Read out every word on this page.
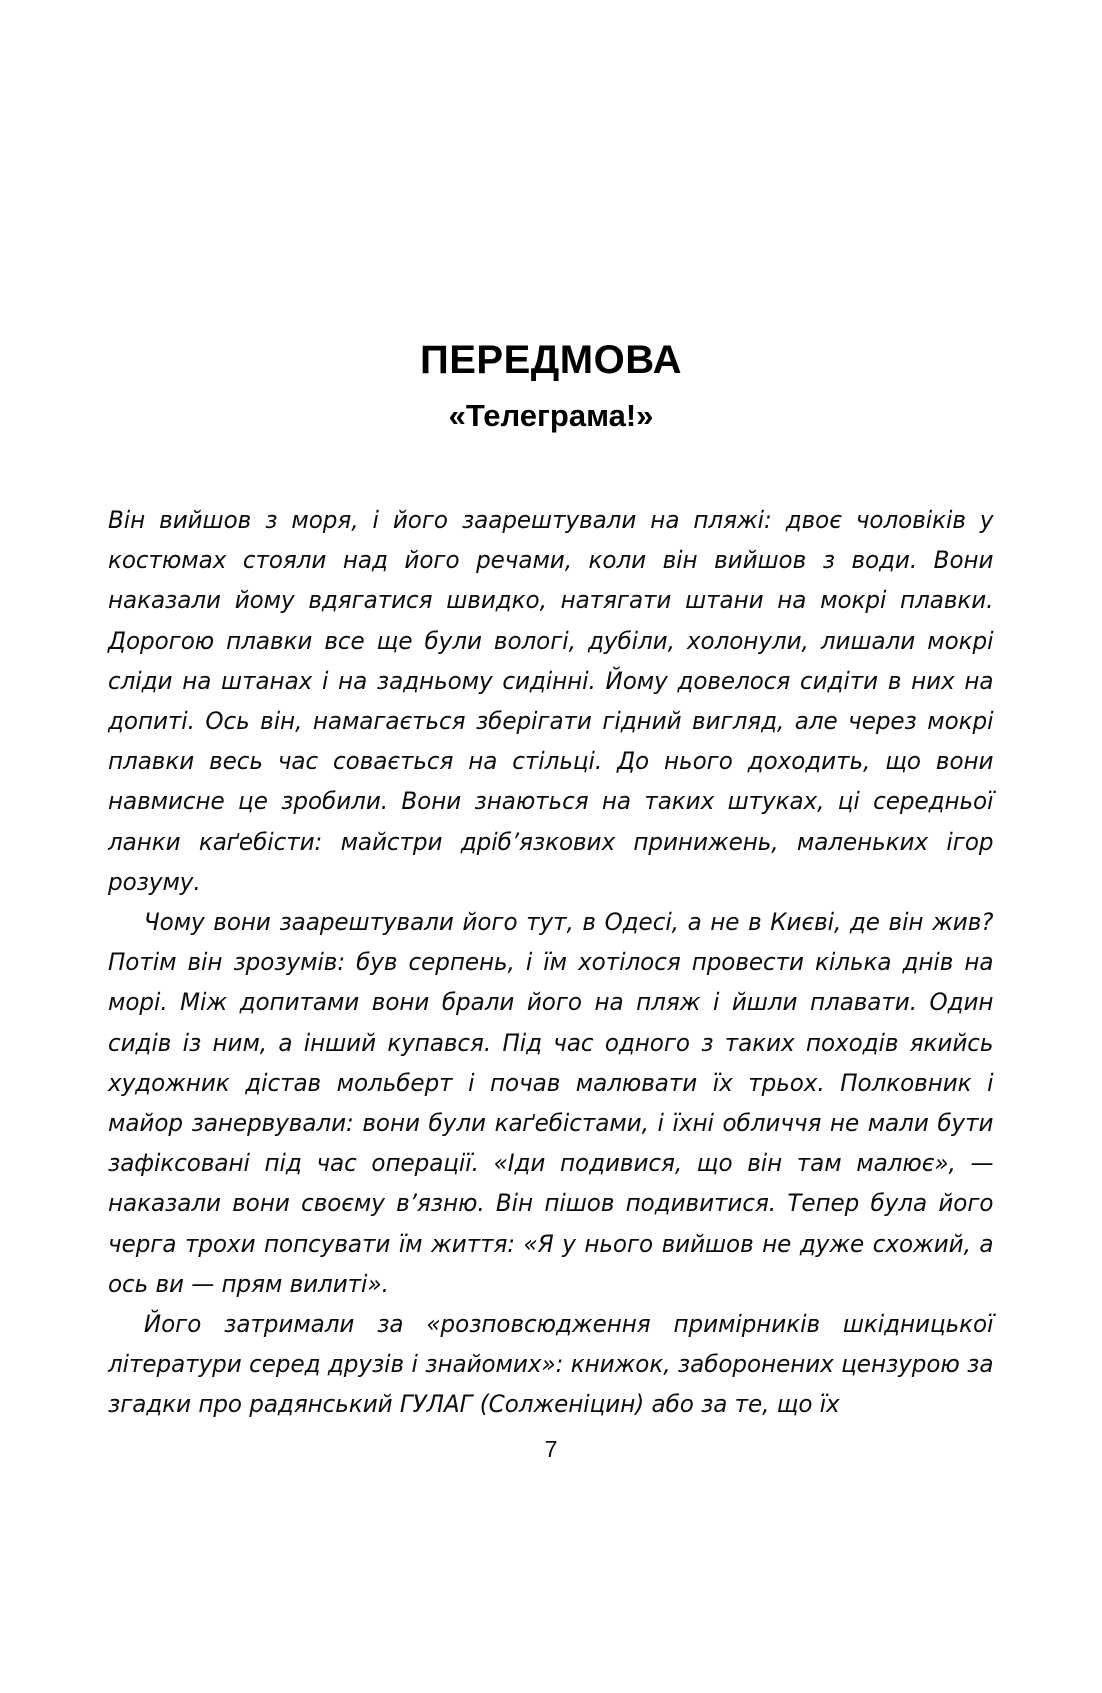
ПЕРЕДМОВА
«Телеграма!»

Він вийшов з моря, і його заарештували на пляжі: двоє чоловіків у костюмах стояли над його речами, коли він вийшов з води. Вони наказали йому вдягатися швидко, натягати штани на мокрі плавки. Дорогою плавки все ще були вологі, дубіли, холонули, лишали мокрі сліди на штанах і на задньому сидінні. Йому довелося сидіти в них на допиті. Ось він, намагається зберігати гідний вигляд, але через мокрі плавки весь час совається на стільці. До нього доходить, що вони навмисне це зробили. Вони знаються на таких штуках, ці середньої ланки каґебісти: майстри дріб’язкових принижень, маленьких ігор розуму.

Чому вони заарештували його тут, в Одесі, а не в Києві, де він жив? Потім він зрозумів: був серпень, і їм хотілося провести кілька днів на морі. Між допитами вони брали його на пляж і йшли плавати. Один сидів із ним, а інший купався. Під час одного з таких походів якийсь художник дістав мольберт і почав малювати їх трьох. Полковник і майор занервували: вони були каґебістами, і їхні обличчя не мали бути зафіксовані під час операції. «Іди подивися, що він там малює», — наказали вони своєму в’язню. Він пішов подивитися. Тепер була його черга трохи попсувати їм життя: «Я у нього вийшов не дуже схожий, а ось ви — прям вилиті».

Його затримали за «розповсюдження примірників шкідницької літератури серед друзів і знайомих»: книжок, заборонених цензурою за згадки про радянський ГУЛАГ (Солженіцин) або за те, що їх

7
